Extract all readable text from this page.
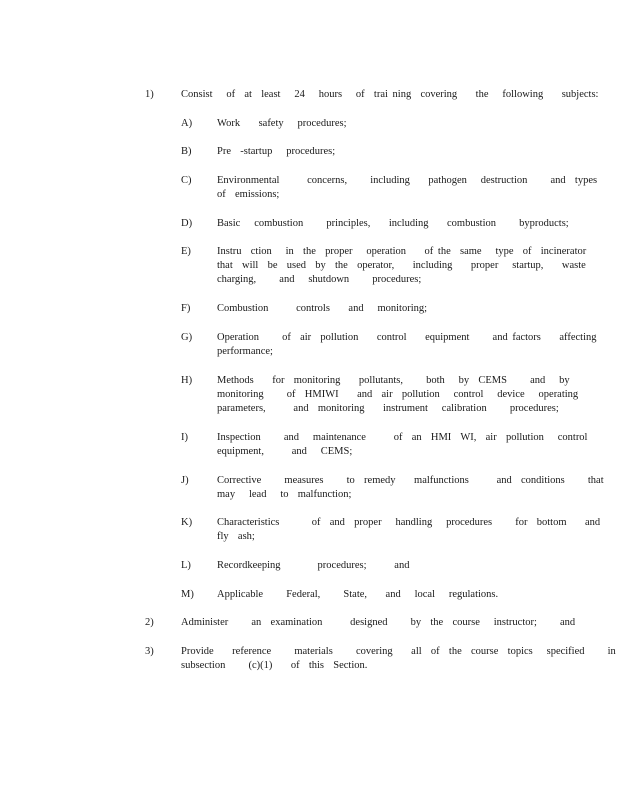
1)	Consist   of  at  least   24   hours   of  trai ning  covering    the   following    subjects:
A) Work    safety   procedures;
B) Pre  -startup   procedures;
C) Environmental      concerns,     including    pathogen   destruction     and  types
of  emissions;
D) Basic   combustion     principles,    including    combustion     byproducts;
E) Instru  ction   in  the  proper   operation    of the  same   type  of  incinerator
that  will  be  used  by  the  operator,    including    proper   startup,    waste
charging,     and   shutdown     procedures;
F)	Combustion      controls    and   monitoring;
G) Operation     of  air  pollution    control    equipment     and factors    affecting
performance;
H) Methods    for  monitoring    pollutants,     both   by  CEMS     and   by
monitoring     of  HMIWI    and  air  pollution   control   device   operating
parameters,      and  monitoring    instrument   calibration     procedures;
I)	Inspection     and   maintenance      of  an  HMI  WI,  air  pollution   control
equipment,      and   CEMS;
J)	Corrective     measures     to  remedy    malfunctions      and  conditions     that
may   lead   to  malfunction;
K) Characteristics       of  and  proper   handling   procedures     for  bottom    and
fly  ash;
L) Recordkeeping        procedures;      and
M) Applicable     Federal,     State,    and   local   regulations.
2)	Administer     an  examination      designed     by  the  course   instructor;     and
3)	Provide    reference     materials     covering    all  of  the  course  topics   specified     in
subsection     (c)(1)    of  this  Section.
